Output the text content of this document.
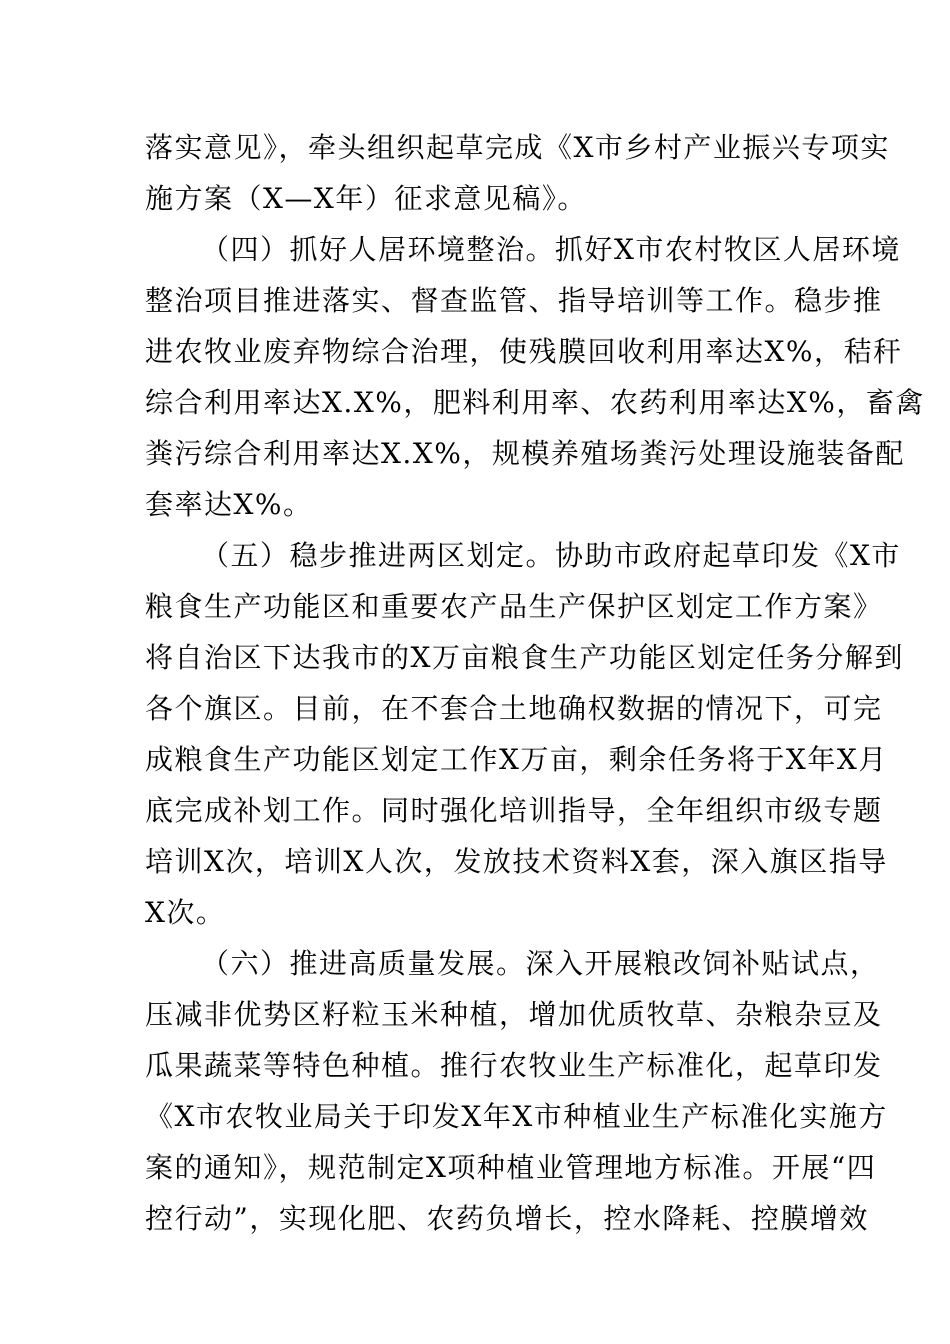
落实意见》，牵头组织起草完成《X市乡村产业振兴专项实
施方案（X—X年）征求意见稿》。
（四）抓好人居环境整治。抓好X市农村牧区人居环境
整治项目推进落实、督查监管、指导培训等工作。稳步推
进农牧业废弃物综合治理，使残膜回收利用率达X%，秸秆
综合利用率达X.X%，肥料利用率、农药利用率达X%，畜禽
粪污综合利用率达X.X%，规模养殖场粪污处理设施装备配
套率达X%。
（五）稳步推进两区划定。协助市政府起草印发《X市
粮食生产功能区和重要农产品生产保护区划定工作方案》
将自治区下达我市的X万亩粮食生产功能区划定任务分解到
各个旗区。目前，在不套合土地确权数据的情况下，可完
成粮食生产功能区划定工作X万亩，剩余任务将于X年X月
底完成补划工作。同时强化培训指导，全年组织市级专题
培训X次，培训X人次，发放技术资料X套，深入旗区指导
X次。
（六）推进高质量发展。深入开展粮改饲补贴试点，
压减非优势区籽粒玉米种植，增加优质牧草、杂粮杂豆及
瓜果蔬菜等特色种植。推行农牧业生产标准化，起草印发
《X市农牧业局关于印发X年X市种植业生产标准化实施方
案的通知》，规范制定X项种植业管理地方标准。开展“四
控行动”，实现化肥、农药负增长，控水降耗、控膜增效
